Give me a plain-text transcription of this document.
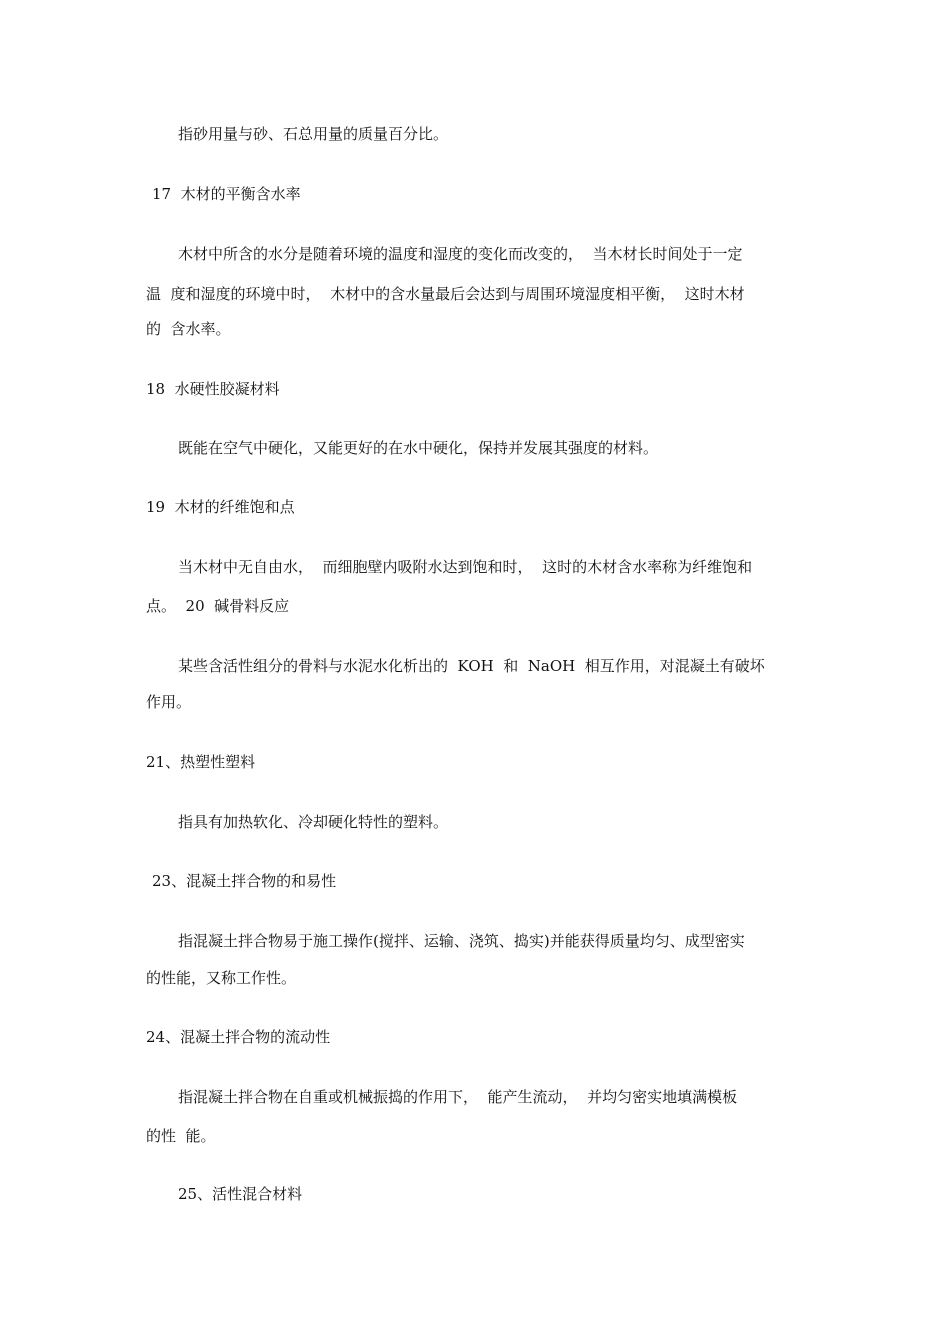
指砂用量与砂、石总用量的质量百分比。

17  木材的平衡含水率

木材中所含的水分是随着环境的温度和湿度的变化而改变的，  当木材长时间处于一定

温  度和湿度的环境中时，  木材中的含水量最后会达到与周围环境湿度相平衡，  这时木材

的  含水率。

18  水硬性胶凝材料

既能在空气中硬化，又能更好的在水中硬化，保持并发展其强度的材料。

19  木材的纤维饱和点

当木材中无自由水，  而细胞壁内吸附水达到饱和时，  这时的木材含水率称为纤维饱和

点。  20  碱骨料反应

某些含活性组分的骨料与水泥水化析出的  KOH  和  NaOH  相互作用，对混凝土有破坏

作用。

21、热塑性塑料

指具有加热软化、冷却硬化特性的塑料。

23、混凝土拌合物的和易性

指混凝土拌合物易于施工操作(搅拌、运输、浇筑、捣实)并能获得质量均匀、成型密实

的性能，又称工作性。

24、混凝土拌合物的流动性

指混凝土拌合物在自重或机械振捣的作用下，  能产生流动，  并均匀密实地填满模板

的性  能。

25、活性混合材料
